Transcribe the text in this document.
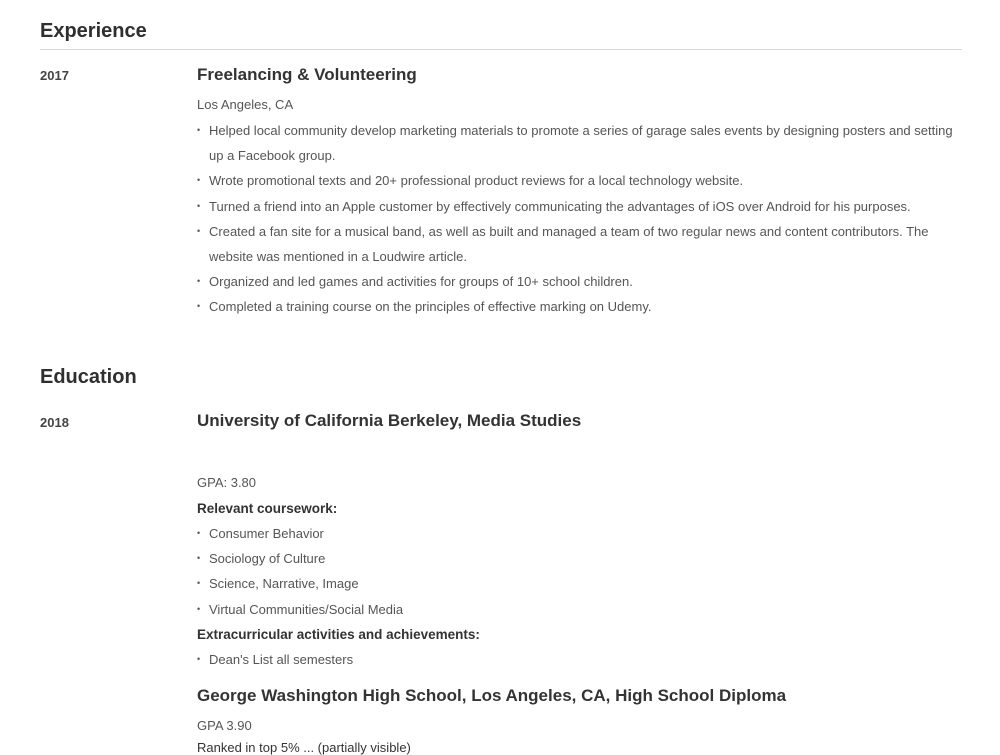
Experience
2017	Freelancing & Volunteering
Los Angeles, CA
• Helped local community develop marketing materials to promote a series of garage sales events by designing posters and setting up a Facebook group.
• Wrote promotional texts and 20+ professional product reviews for a local technology website.
• Turned a friend into an Apple customer by effectively communicating the advantages of iOS over Android for his purposes.
• Created a fan site for a musical band, as well as built and managed a team of two regular news and content contributors. The website was mentioned in a Loudwire article.
• Organized and led games and activities for groups of 10+ school children.
• Completed a training course on the principles of effective marking on Udemy.
Education
2018	University of California Berkeley, Media Studies
GPA: 3.80
Relevant coursework:
• Consumer Behavior
• Sociology of Culture
• Science, Narrative, Image
• Virtual Communities/Social Media
Extracurricular activities and achievements:
• Dean's List all semesters
George Washington High School, Los Angeles, CA, High School Diploma
GPA 3.90
Ranked in top 5% ... (partially visible)
